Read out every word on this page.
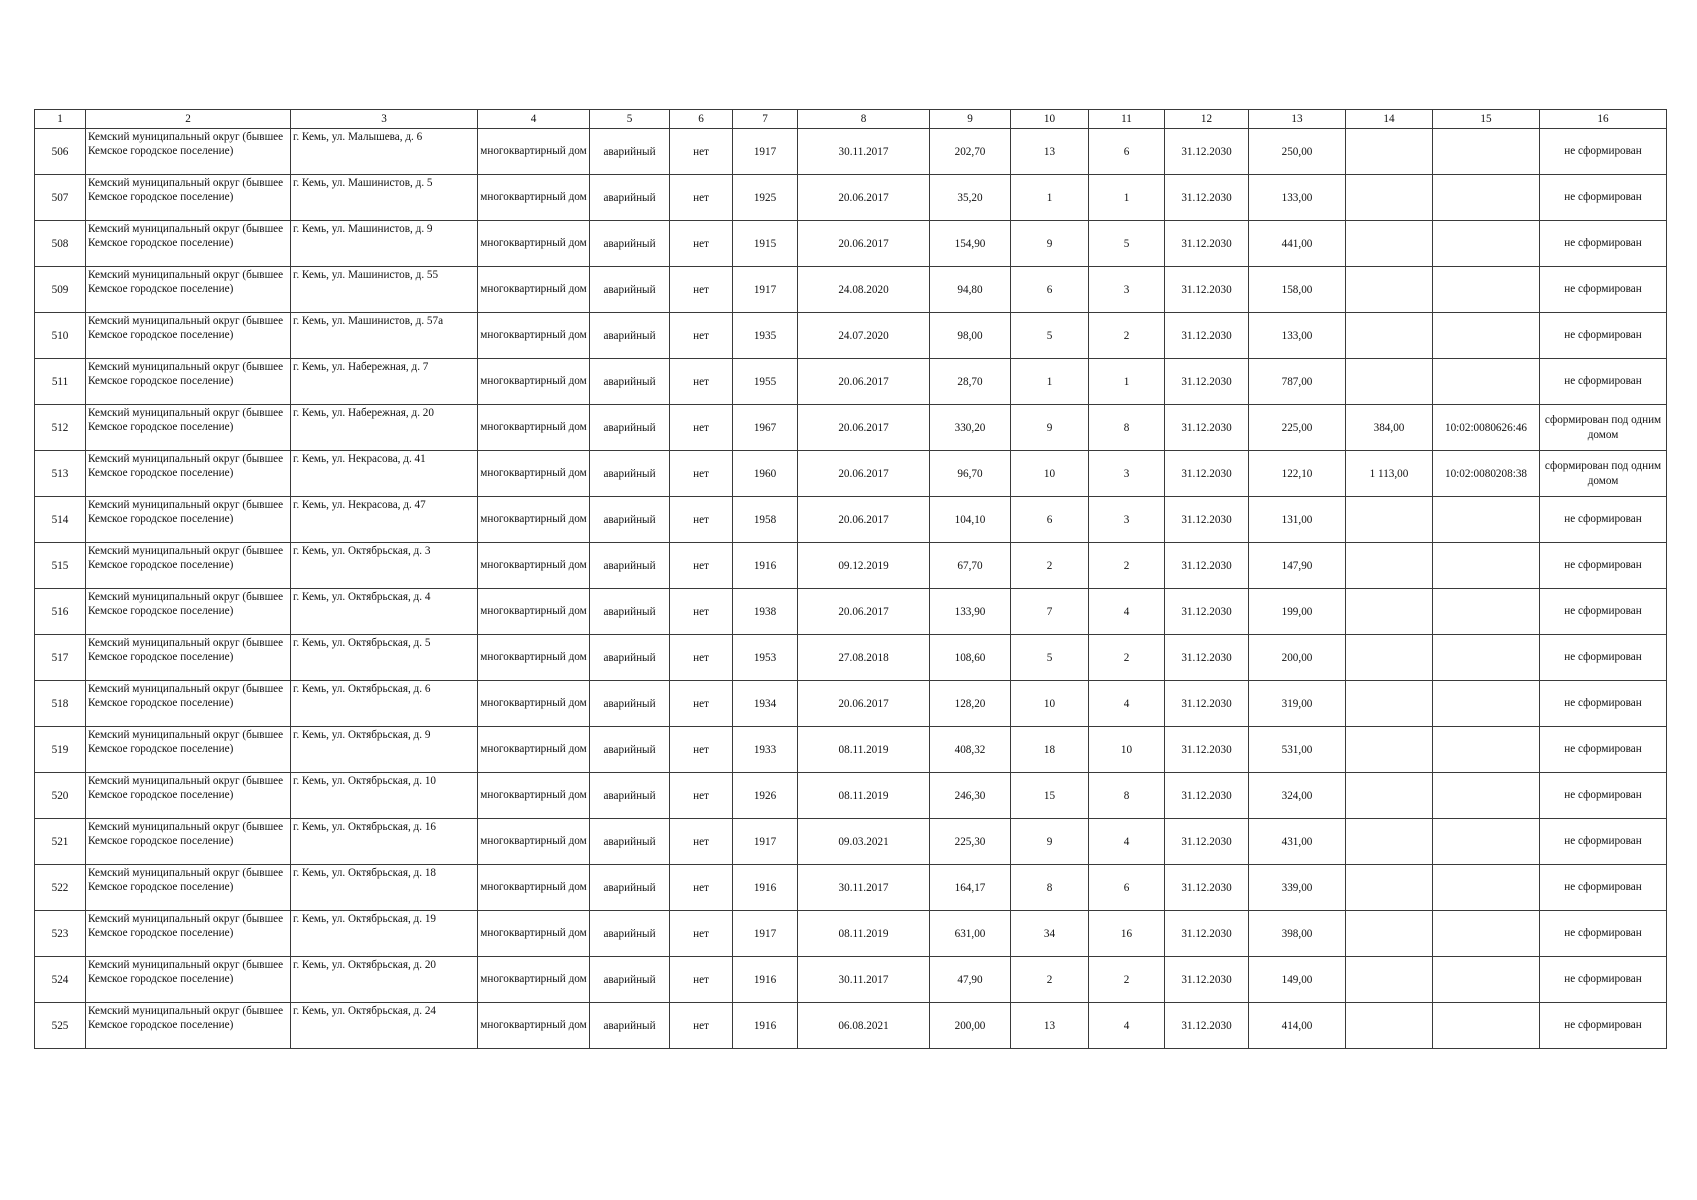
1	2	3	4	5	6	7	8	9	10	11	12	13	14	15	16
506	Кемский муниципальный округ (бывшее Кемское городское поселение)	г. Кемь, ул. Малышева, д. 6	многоквартирный дом	аварийный	нет	1917	30.11.2017	202,70	13	6	31.12.2030	250,00			не сформирован
507	Кемский муниципальный округ (бывшее Кемское городское поселение)	г. Кемь, ул. Машинистов, д. 5	многоквартирный дом	аварийный	нет	1925	20.06.2017	35,20	1	1	31.12.2030	133,00			не сформирован
508	Кемский муниципальный округ (бывшее Кемское городское поселение)	г. Кемь, ул. Машинистов, д. 9	многоквартирный дом	аварийный	нет	1915	20.06.2017	154,90	9	5	31.12.2030	441,00			не сформирован
509	Кемский муниципальный округ (бывшее Кемское городское поселение)	г. Кемь, ул. Машинистов, д. 55	многоквартирный дом	аварийный	нет	1917	24.08.2020	94,80	6	3	31.12.2030	158,00			не сформирован
510	Кемский муниципальный округ (бывшее Кемское городское поселение)	г. Кемь, ул. Машинистов, д. 57а	многоквартирный дом	аварийный	нет	1935	24.07.2020	98,00	5	2	31.12.2030	133,00			не сформирован
511	Кемский муниципальный округ (бывшее Кемское городское поселение)	г. Кемь, ул. Набережная, д. 7	многоквартирный дом	аварийный	нет	1955	20.06.2017	28,70	1	1	31.12.2030	787,00			не сформирован
512	Кемский муниципальный округ (бывшее Кемское городское поселение)	г. Кемь, ул. Набережная, д. 20	многоквартирный дом	аварийный	нет	1967	20.06.2017	330,20	9	8	31.12.2030	225,00	384,00	10:02:0080626:46	сформирован под одним домом
513	Кемский муниципальный округ (бывшее Кемское городское поселение)	г. Кемь, ул. Некрасова, д. 41	многоквартирный дом	аварийный	нет	1960	20.06.2017	96,70	10	3	31.12.2030	122,10	1 113,00	10:02:0080208:38	сформирован под одним домом
514	Кемский муниципальный округ (бывшее Кемское городское поселение)	г. Кемь, ул. Некрасова, д. 47	многоквартирный дом	аварийный	нет	1958	20.06.2017	104,10	6	3	31.12.2030	131,00			не сформирован
515	Кемский муниципальный округ (бывшее Кемское городское поселение)	г. Кемь, ул. Октябрьская, д. 3	многоквартирный дом	аварийный	нет	1916	09.12.2019	67,70	2	2	31.12.2030	147,90			не сформирован
516	Кемский муниципальный округ (бывшее Кемское городское поселение)	г. Кемь, ул. Октябрьская, д. 4	многоквартирный дом	аварийный	нет	1938	20.06.2017	133,90	7	4	31.12.2030	199,00			не сформирован
517	Кемский муниципальный округ (бывшее Кемское городское поселение)	г. Кемь, ул. Октябрьская, д. 5	многоквартирный дом	аварийный	нет	1953	27.08.2018	108,60	5	2	31.12.2030	200,00			не сформирован
518	Кемский муниципальный округ (бывшее Кемское городское поселение)	г. Кемь, ул. Октябрьская, д. 6	многоквартирный дом	аварийный	нет	1934	20.06.2017	128,20	10	4	31.12.2030	319,00			не сформирован
519	Кемский муниципальный округ (бывшее Кемское городское поселение)	г. Кемь, ул. Октябрьская, д. 9	многоквартирный дом	аварийный	нет	1933	08.11.2019	408,32	18	10	31.12.2030	531,00			не сформирован
520	Кемский муниципальный округ (бывшее Кемское городское поселение)	г. Кемь, ул. Октябрьская, д. 10	многоквартирный дом	аварийный	нет	1926	08.11.2019	246,30	15	8	31.12.2030	324,00			не сформирован
521	Кемский муниципальный округ (бывшее Кемское городское поселение)	г. Кемь, ул. Октябрьская, д. 16	многоквартирный дом	аварийный	нет	1917	09.03.2021	225,30	9	4	31.12.2030	431,00			не сформирован
522	Кемский муниципальный округ (бывшее Кемское городское поселение)	г. Кемь, ул. Октябрьская, д. 18	многоквартирный дом	аварийный	нет	1916	30.11.2017	164,17	8	6	31.12.2030	339,00			не сформирован
523	Кемский муниципальный округ (бывшее Кемское городское поселение)	г. Кемь, ул. Октябрьская, д. 19	многоквартирный дом	аварийный	нет	1917	08.11.2019	631,00	34	16	31.12.2030	398,00			не сформирован
524	Кемский муниципальный округ (бывшее Кемское городское поселение)	г. Кемь, ул. Октябрьская, д. 20	многоквартирный дом	аварийный	нет	1916	30.11.2017	47,90	2	2	31.12.2030	149,00			не сформирован
525	Кемский муниципальный округ (бывшее Кемское городское поселение)	г. Кемь, ул. Октябрьская, д. 24	многоквартирный дом	аварийный	нет	1916	06.08.2021	200,00	13	4	31.12.2030	414,00			не сформирован
